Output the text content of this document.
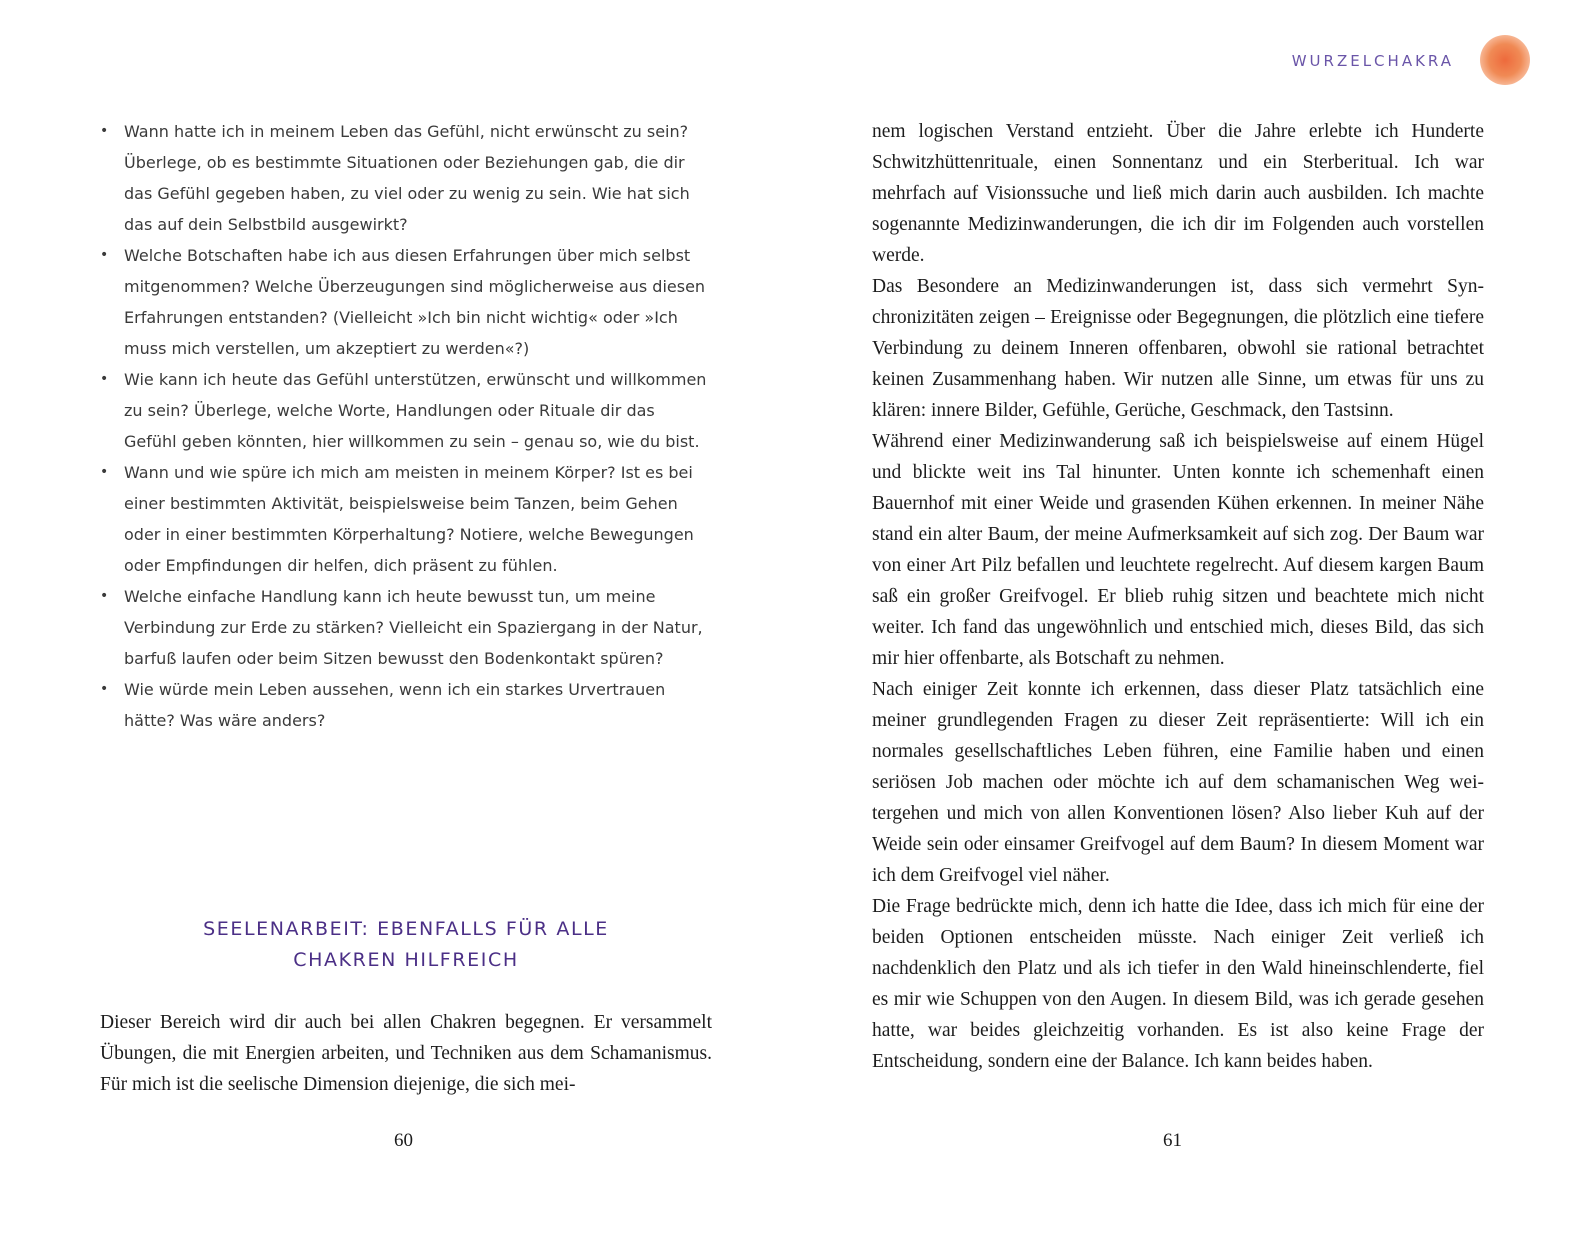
• Wann hatte ich in meinem Leben das Gefühl, nicht erwünscht zu sein? Überlege, ob es bestimmte Situationen oder Beziehungen gab, die dir das Gefühl gegeben haben, zu viel oder zu wenig zu sein. Wie hat sich das auf dein Selbstbild ausgewirkt?
• Welche Botschaften habe ich aus diesen Erfahrungen über mich selbst mitgenommen? Welche Überzeugungen sind möglicherweise aus diesen Erfahrungen entstanden? (Vielleicht »Ich bin nicht wichtig« oder »Ich muss mich verstellen, um akzeptiert zu werden«?)
• Wie kann ich heute das Gefühl unterstützen, erwünscht und willkommen zu sein? Überlege, welche Worte, Handlungen oder Rituale dir das Gefühl geben könnten, hier willkommen zu sein – genau so, wie du bist.
• Wann und wie spüre ich mich am meisten in meinem Körper? Ist es bei einer bestimmten Aktivität, beispielsweise beim Tanzen, beim Gehen oder in einer bestimmten Körperhaltung? Notiere, welche Bewegungen oder Empfindungen dir helfen, dich präsent zu fühlen.
• Welche einfache Handlung kann ich heute bewusst tun, um meine Verbindung zur Erde zu stärken? Vielleicht ein Spaziergang in der Natur, barfuß laufen oder beim Sitzen bewusst den Bodenkontakt spüren?
• Wie würde mein Leben aussehen, wenn ich ein starkes Urvertrauen hätte? Was wäre anders?
SEELENARBEIT: EBENFALLS FÜR ALLE
CHAKREN HILFREICH

Dieser Bereich wird dir auch bei allen Chakren begegnen. Er versammelt Übungen, die mit Energien arbeiten, und Techniken aus dem Schamanismus. Für mich ist die seelische Dimension diejenige, die sich mei-

60
WURZELCHAKRA

nem logischen Verstand entzieht. Über die Jahre erlebte ich Hunderte Schwitzhüttenrituale, einen Sonnentanz und ein Sterberitual. Ich war mehrfach auf Visionssuche und ließ mich darin auch ausbilden. Ich machte sogenannte Medizinwanderungen, die ich dir im Folgenden auch vorstellen werde.

Das Besondere an Medizinwanderungen ist, dass sich vermehrt Synchronizitäten zeigen – Ereignisse oder Begegnungen, die plötzlich eine tiefere Verbindung zu deinem Inneren offenbaren, obwohl sie rational betrachtet keinen Zusammenhang haben. Wir nutzen alle Sinne, um etwas für uns zu klären: innere Bilder, Gefühle, Gerüche, Geschmack, den Tastsinn.

Während einer Medizinwanderung saß ich beispielsweise auf einem Hügel und blickte weit ins Tal hinunter. Unten konnte ich schemenhaft einen Bauernhof mit einer Weide und grasenden Kühen erkennen. In meiner Nähe stand ein alter Baum, der meine Aufmerksamkeit auf sich zog. Der Baum war von einer Art Pilz befallen und leuchtete regelrecht. Auf diesem kargen Baum saß ein großer Greifvogel. Er blieb ruhig sitzen und beachtete mich nicht weiter. Ich fand das ungewöhnlich und entschied mich, dieses Bild, das sich mir hier offenbarte, als Botschaft zu nehmen.

Nach einiger Zeit konnte ich erkennen, dass dieser Platz tatsächlich eine meiner grundlegenden Fragen zu dieser Zeit repräsentierte: Will ich ein normales gesellschaftliches Leben führen, eine Familie haben und einen seriösen Job machen oder möchte ich auf dem schamanischen Weg weitergehen und mich von allen Konventionen lösen? Also lieber Kuh auf der Weide sein oder einsamer Greifvogel auf dem Baum? In diesem Moment war ich dem Greifvogel viel näher.

Die Frage bedrückte mich, denn ich hatte die Idee, dass ich mich für eine der beiden Optionen entscheiden müsste. Nach einiger Zeit verließ ich nachdenklich den Platz und als ich tiefer in den Wald hineinschlenderte, fiel es mir wie Schuppen von den Augen. In diesem Bild, was ich gerade gesehen hatte, war beides gleichzeitig vorhanden. Es ist also keine Frage der Entscheidung, sondern eine der Balance. Ich kann beides haben.

61
